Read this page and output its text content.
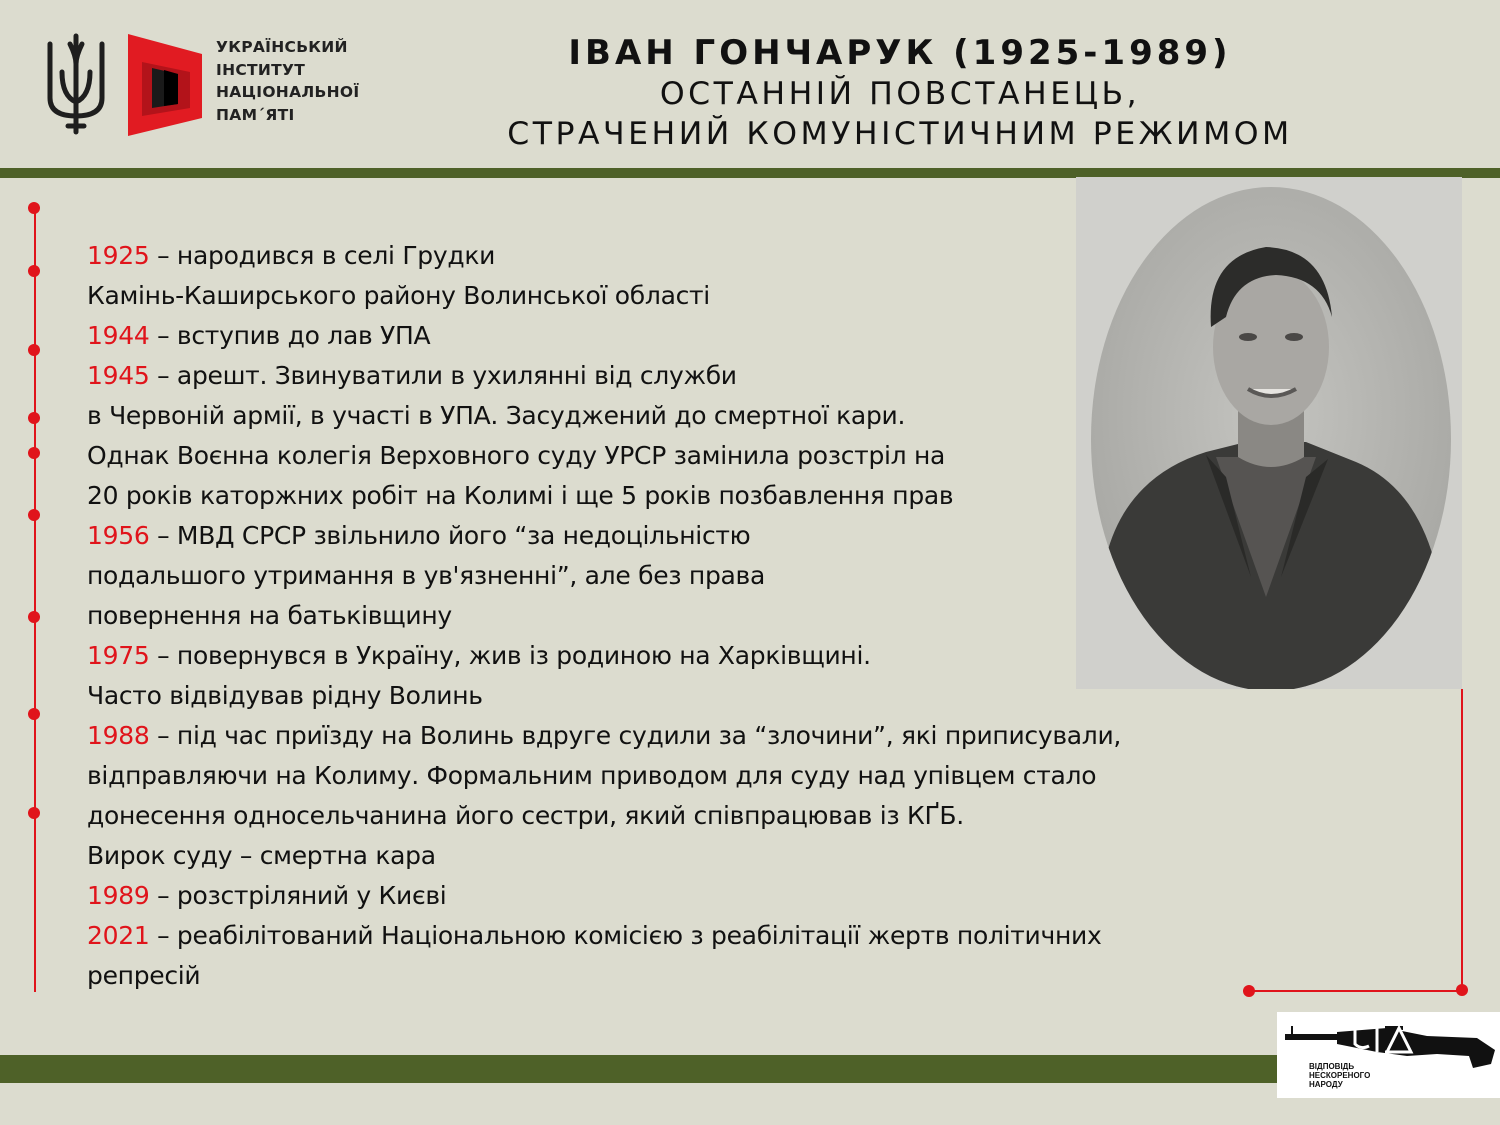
УКРАЇНСЬКИЙ
ІНСТИТУТ
НАЦІОНАЛЬНОЇ
ПАМ´ЯТІ
ІВАН ГОНЧАРУК (1925-1989)
ОСТАННІЙ ПОВСТАНЕЦЬ,
СТРАЧЕНИЙ КОМУНІСТИЧНИМ РЕЖИМОМ
1925 – народився в селі Грудки
Камінь-Каширського району Волинської області
1944 – вступив до лав УПА
1945 – арешт. Звинуватили в ухилянні від служби
в Червоній армії, в участі в УПА. Засуджений до смертної кари.
Однак Воєнна колегія Верховного суду УРСР замінила розстріл на
20 років каторжних робіт на Колимі і ще 5 років позбавлення прав
1956 – МВД СРСР звільнило його “за недоцільністю
подальшого утримання в ув'язненні”, але без права
повернення на батьківщину
1975 – повернувся в Україну, жив із родиною на Харківщині.
Часто відвідував рідну Волинь
1988 – під час приїзду на Волинь вдруге судили за “злочини”, які приписували,
відправляючи на Колиму. Формальним приводом для суду над упівцем стало
донесення односельчанина його сестри, який співпрацював із КҐБ.
Вирок суду – смертна кара
1989 – розстріляний у Києві
2021 – реабілітований Національною комісією з реабілітації жертв політичних
репресій
ВІДПОВІДЬ
НЕСКОРЕНОГО
НАРОДУ
